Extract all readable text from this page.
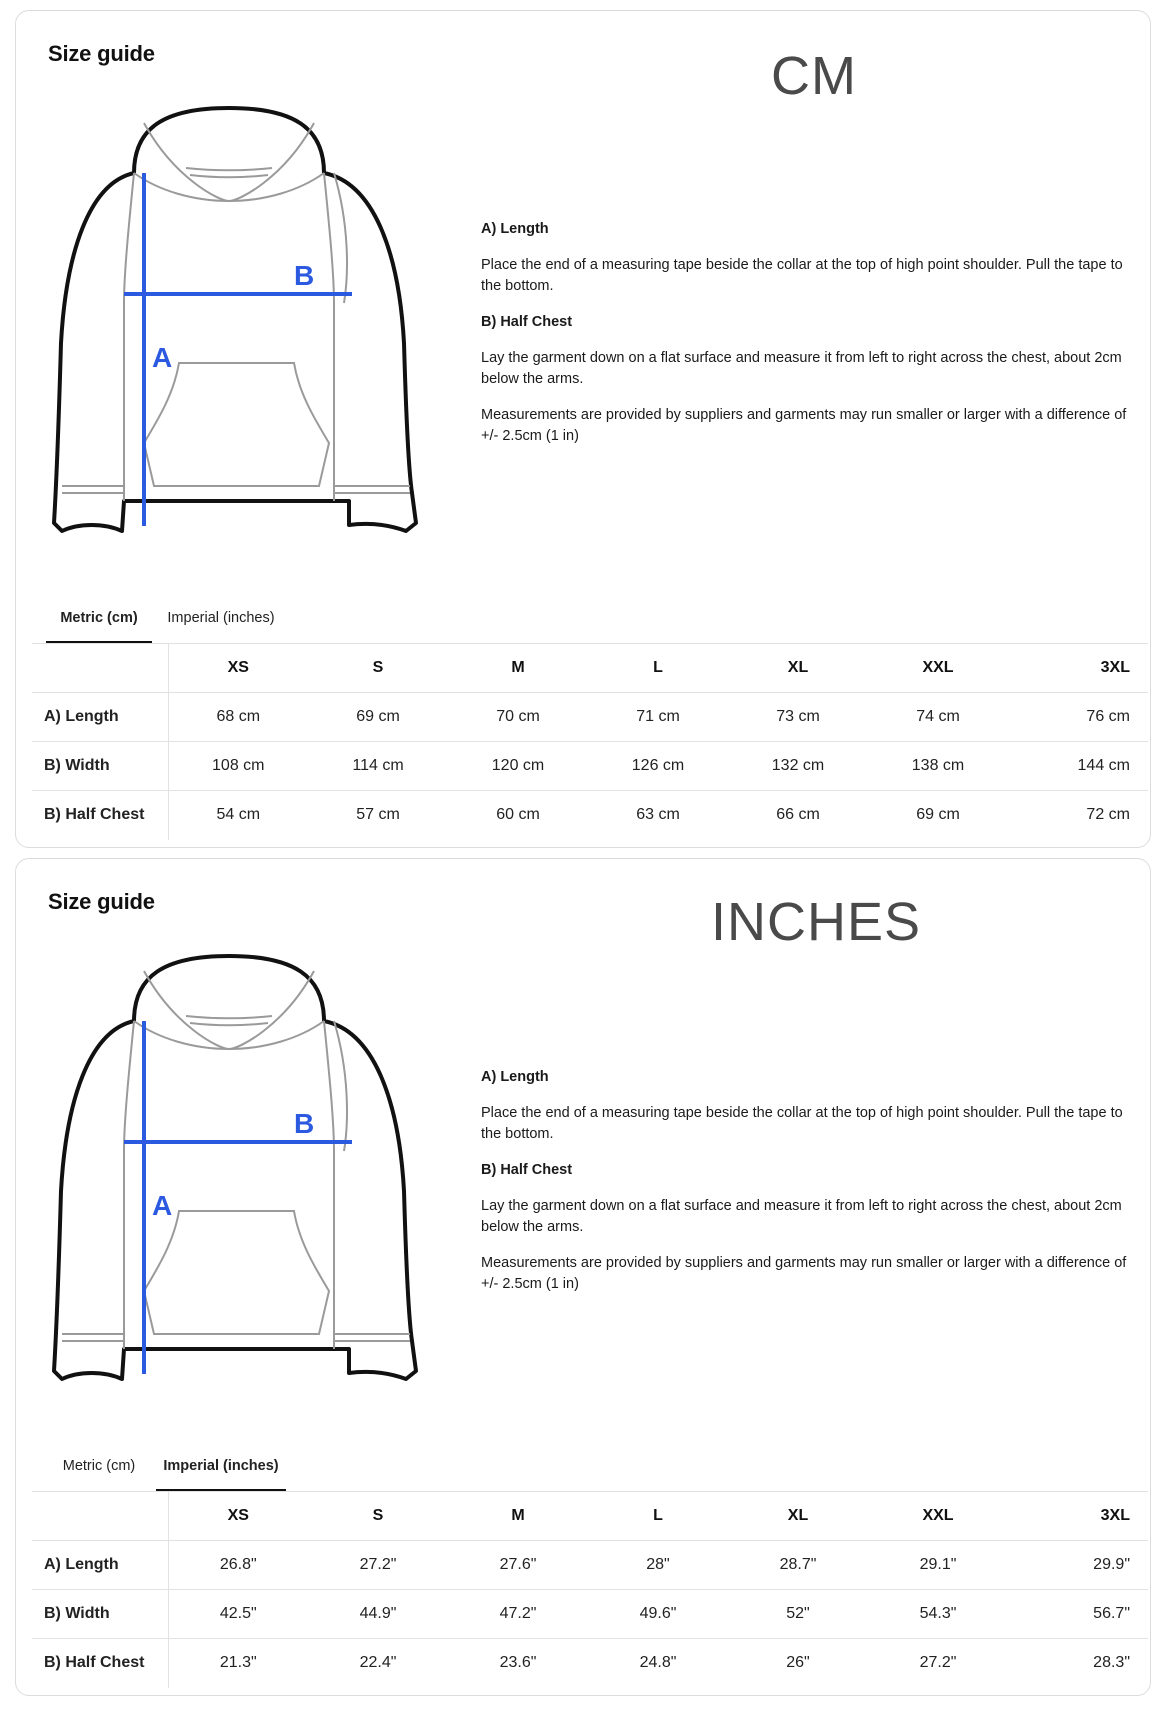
Size guide	CM
A
B

A) Length

Place the end of a measuring tape beside the collar at the top of high point shoulder. Pull the tape to the bottom.

B) Half Chest

Lay the garment down on a flat surface and measure it from left to right across the chest, about 2cm below the arms.

Measurements are provided by suppliers and garments may run smaller or larger with a difference of +/- 2.5cm (1 in)

Metric (cm)	Imperial (inches)
	XS	S	M	L	XL	XXL	3XL
A) Length	68 cm	69 cm	70 cm	71 cm	73 cm	74 cm	76 cm
B) Width	108 cm	114 cm	120 cm	126 cm	132 cm	138 cm	144 cm
B) Half Chest	54 cm	57 cm	60 cm	63 cm	66 cm	69 cm	72 cm
Size guide	INCHES
A
B

A) Length

Place the end of a measuring tape beside the collar at the top of high point shoulder. Pull the tape to the bottom.

B) Half Chest

Lay the garment down on a flat surface and measure it from left to right across the chest, about 2cm below the arms.

Measurements are provided by suppliers and garments may run smaller or larger with a difference of +/- 2.5cm (1 in)

Metric (cm)	Imperial (inches)
	XS	S	M	L	XL	XXL	3XL
A) Length	26.8"	27.2"	27.6"	28"	28.7"	29.1"	29.9"
B) Width	42.5"	44.9"	47.2"	49.6"	52"	54.3"	56.7"
B) Half Chest	21.3"	22.4"	23.6"	24.8"	26"	27.2"	28.3"
